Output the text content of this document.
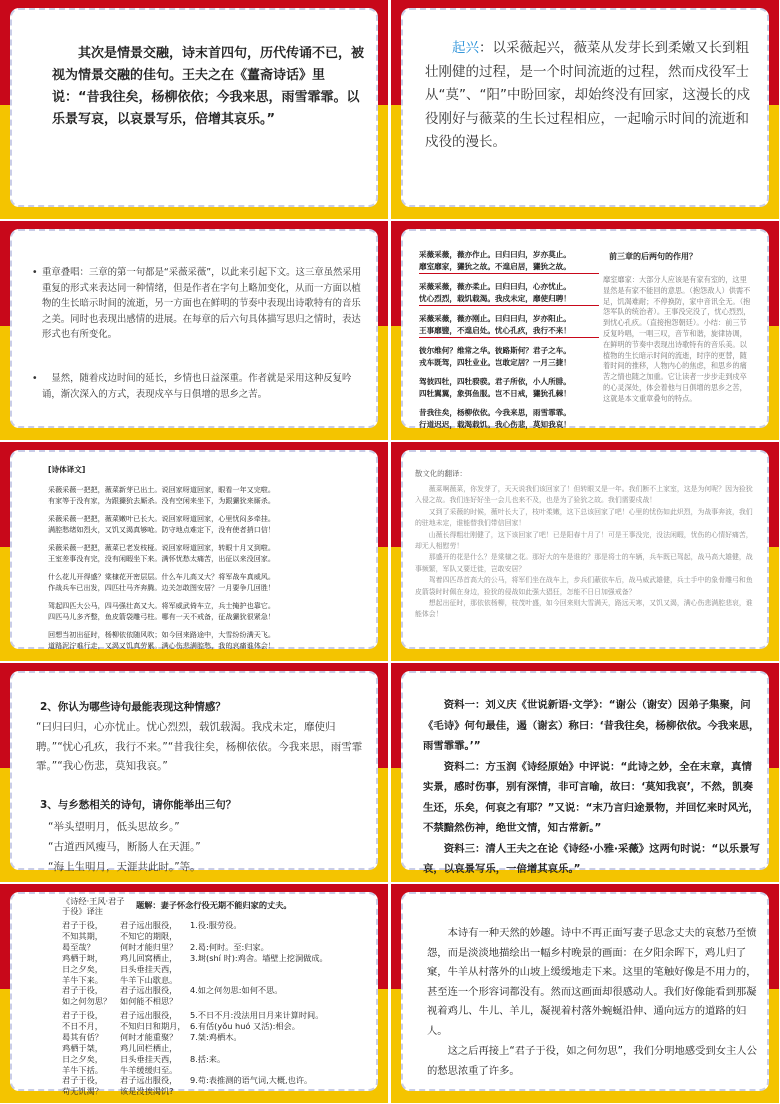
其次是情景交融，诗末首四句，历代传诵不已，被视为情景交融的佳句。王夫之在《薑斋诗话》里说：“昔我往矣，杨柳依依；今我来思，雨雪霏霏。以乐景写哀，以哀景写乐，倍增其哀乐。”
起兴：以采薇起兴，薇菜从发芽长到柔嫩又长到粗壮刚健的过程，是一个时间流逝的过程，然而戍役军士从“莫”、“阳”中盼回家，却始终没有回家，这漫长的戍役刚好与薇菜的生长过程相应，一起喻示时间的流逝和戍役的漫长。
• 重章叠唱：三章的第一句都是“采薇采薇”，以此来引起下文。这三章虽然采用重复的形式来表达同一种情绪，但是作者在字句上略加变化，从而一方面以植物的生长暗示时间的流逝，另一方面也在鲜明的节奏中表现出诗歌特有的音乐之美。同时也表现出感情的进展。在每章的后六句具体描写思归之情时，表达形式也有所变化。
• 显然，随着戍边时间的延长，乡情也日益深重。作者就是采用这种反复吟诵，渐次深入的方式，表现戍卒与日俱增的思乡之苦。
采薇采薇，薇亦作止。曰归曰归，岁亦莫止。
靡室靡家，玁狁之故。不遑启居，玁狁之故。
采薇采薇，薇亦柔止。曰归曰归，心亦忧止。
忧心烈烈，载饥载渴。我戍未定，靡使归聘！
采薇采薇，薇亦刚止。曰归曰归，岁亦阳止。
王事靡盬，不遑启处。忧心孔疚，我行不来！
彼尔维何？维常之华。彼路斯何？君子之车。
戎车既驾，四牡业业。岂敢定居？一月三捷！
驾彼四牡，四牡骙骙。君子所依，小人所腓。
四牡翼翼，象弭鱼服。岂不日戒，玁狁孔棘！
昔我往矣，杨柳依依。今我来思，雨雪霏霏。
行道迟迟，载渴载饥。我心伤悲，莫知我哀！
前三章的后两句的作用？
靡室靡家：大部分人应该是有家有室的，这里显然是有家不能回的意思。（抱怨敌人）供需不足，饥渴难耐；不停换防，家中音讯全无。（抱怨军队的统治者）。王事没完没了，忧心烈烈，到忧心孔疚。（直接抱怨朝廷）。小结：前三节反复吟唱，一唱三叹，音节和谐，旋律协调，在鲜明的节奏中表现出诗歌特有的音乐美。以植物的生长暗示时间的流逝，时序的更替，随着时间的推移，人物内心的焦虑，和思乡的痛苦之情也随之加重。它让读者一步步走到戍卒的心灵深处，体会着他与日俱增的思乡之苦，这就是本文重章叠句的特点。
[诗体译文]
采薇采薇一把把，薇菜新芽已出土。说回家呀道回家，眼看一年又完啦。
有家等于没有家，为跟玁狁去厮杀。没有空闲来坐下，为跟玁狁来厮杀。
采薇采薇一把把，薇菜嫩叶已长大。说回家呀道回家，心里忧闷多牵挂。
满腔愁绪如烈火，又饥又渴真够呛。防守地点难定下，没有使者捎口信！
采薇采薇一把把，薇菜已老发枝桠。说回家呀道回家，转眼十月又到啦。
王室差事没有完，没有闲暇坐下来。满怀忧愁太痛苦，出征以来没回家。
什么花儿开得盛？棠棣花开密层层。什么车儿高又大？将军战车真威风。
作战兵车已出发，四匹壮马齐奔腾。边关怎敢图安居？一月要争几回胜！
驾起四匹大公马，四马强壮高又大。将军威武倚车立，兵士掩护也靠它。
四匹马儿多齐整，鱼皮箭袋雕弓柱。哪有一天不戒备，征战玁狁很紧急！
回想当初出征时，杨柳依依随风吹；如今回来路途中，大雪纷纷满天飞。
道路泥泞难行走，又渴又饥真劳累。满心伤悲满腔愁，我的哀痛谁体会！
散文化的翻译：
薇菜啊薇菜，你发芽了，天天说我们该回家了！但转眼又是一年。我们断不上家室，这是为何呢？因为猃狁入侵之故。我们连好好坐一会儿也来不及，也是为了猃狁之故。我们需要戍战！
又到了采薇的时候，薇叶长大了，枝叶柔嫩，这下总该回家了吧！心里的忧伤如此炽烈，为战事奔波，我们的驻地未定，谁能替我们带信回家！
山薇长得粗壮刚健了，这下该回家了吧！已是阳春十月了！可是王事没完，没法闲暇，忧伤的心情好痛苦，却无人相慰劳！
那盛开的花是什么？是棠棣之花。那好大的车是谁的？那是将士的车辆，兵车既已驾起，战马高大雄健，战事频繁，军队又要迁徙，岂敢安居？
驾着四匹昂首高大的公马，将军们坐在战车上，步兵们蔽依车后，战马威武雄健，兵士手中的象骨雕弓和鱼皮箭袋时时佩在身边，猃狁的侵战如此强大猖狂，怎能不日日加强戒备？
想起出征时，那依依杨柳，枝茂叶盛，如今回来则大雪满天，路远天寒，又饥又渴，满心伤悲满腔悲哀，谁能体会！
2、你认为哪些诗句最能表现这种情感？
“曰归曰归，心亦忧止。忧心烈烈，载饥载渴。我戍未定，靡使归聘。”“忧心孔疚，我行不来。”“昔我往矣，杨柳依依。今我来思，雨雪霏霏。”“我心伤悲，莫知我哀。”
3、与乡愁相关的诗句，请你能举出三句？
“举头望明月，低头思故乡。”
“古道西风瘦马，断肠人在天涯。”
“海上生明月，天涯共此时。”等。
资料一：刘义庆《世说新语·文学》：“谢公（谢安）因弟子集聚，问《毛诗》何句最佳，遏（谢玄）称曰：‘昔我往矣，杨柳依依。今我来思，雨雪霏霏。’”
资料二：方玉润《诗经原始》中评说：“此诗之妙，全在末章，真情实景，感时伤事，别有深情，非可言喻，故曰：‘莫知我哀’，不然，凯奏生还，乐矣，何哀之有耶？”又说：“末乃言归途景物，并回忆来时风光，不禁黯然伤神，绝世文情，知古常新。”
资料三：清人王夫之在论《诗经·小雅·采薇》这两句时说：“以乐景写哀，以哀景写乐，一倍增其哀乐。”
《诗经·王风·君子于役》译注
题解：妻子怀念行役无期不能归家的丈夫。
君子于役，
不知其期，
曷至哉？
鸡栖于埘，
日之夕矣，
羊牛下来。
君子于役，
如之何勿思？
君子远出服役，
不知它的期限，
何时才能归里？
鸡儿回窝栖止，
日头垂挂天西，
牛羊下山歇息。
君子远出服役，
如何能不相思？
1.役:服劳役。

2.曷:何时。至:归家。
3.埘(shí 时):鸡舍。墙壁上挖洞做成。

4.如之何勿思:如何不思。

君子于役，
不日不月，
曷其有佸？
鸡栖于桀，
日之夕矣，
羊牛下括。
君子于役，
苟无饥渴？
君子远出服役，
不知归日和期月，
何时才能重聚？
鸡儿回栏栖止，
日头垂挂天西，
牛羊缓缓归至。
君子远出服役，
该是没挨渴饥?
5.不日不月:没法用日月来计算时间。
6.有佸(yǒu huó 又活):相会。
7.桀:鸡栖木。

8.括:来。

9.苟:表推测的语气词,大概,也许。

本诗有一种天然的妙趣。诗中不再正面写妻子思念丈夫的哀愁乃至愤怨，而是淡淡地描绘出一幅乡村晚景的画面：在夕阳余晖下，鸡儿归了窠，牛羊从村落外的山坡上缓缓地走下来。这里的笔触好像是不用力的，甚至连一个形容词都没有。然而这画面却很感动人。我们好像能看到那凝视着鸡儿、牛儿、羊儿，凝视着村落外蜿蜒沿伸、通向远方的道路的妇人。
这之后再接上“君子于役，如之何勿思”，我们分明地感受到女主人公的愁思浓重了许多。
